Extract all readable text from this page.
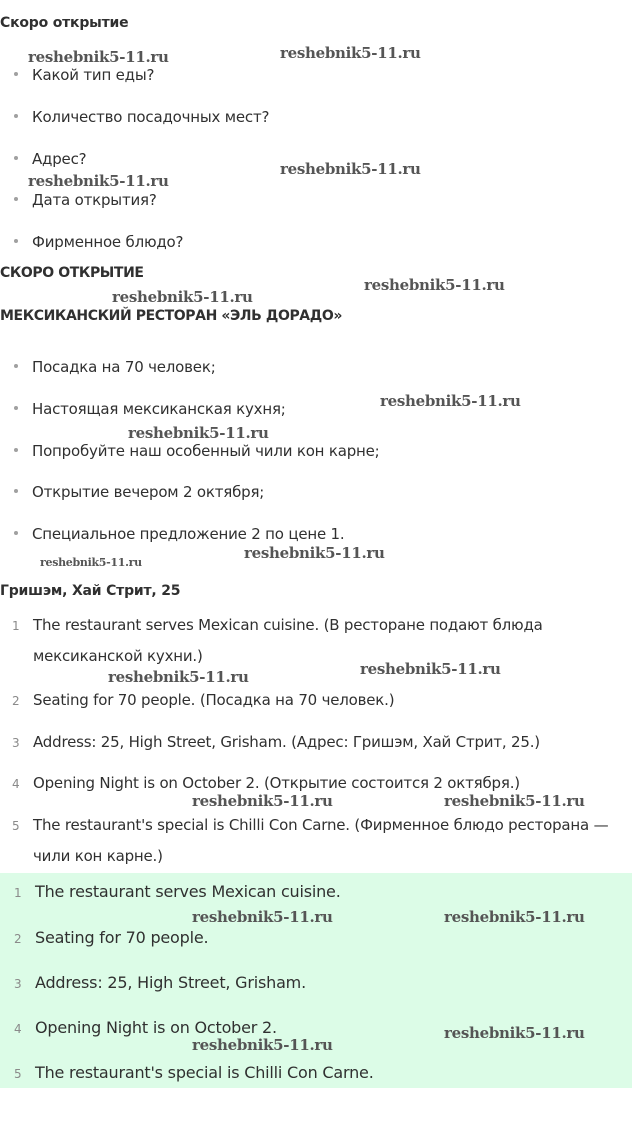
Скоро открытие
Какой тип еды?
Количество посадочных мест?
Адрес?
Дата открытия?
Фирменное блюдо?
СКОРО ОТКРЫТИЕ
МЕКСИКАНСКИЙ РЕСТОРАН «ЭЛЬ ДОРАДО»
Посадка на 70 человек;
Настоящая мексиканская кухня;
Попробуйте наш особенный чили кон карне;
Открытие вечером 2 октября;
Специальное предложение 2 по цене 1.
Гришэм, Хай Стрит, 25
1 The restaurant serves Mexican cuisine. (В ресторане подают блюда
мексиканской кухни.)
2 Seating for 70 people. (Посадка на 70 человек.)
3 Address: 25, High Street, Grisham. (Адрес: Гришэм, Хай Стрит, 25.)
4 Opening Night is on October 2. (Открытие состоится 2 октября.)
5 The restaurant's special is Chilli Con Carne. (Фирменное блюдо ресторана —
чили кон карне.)
1 The restaurant serves Mexican cuisine.
2 Seating for 70 people.
3 Address: 25, High Street, Grisham.
4 Opening Night is on October 2.
5 The restaurant's special is Chilli Con Carne.
reshebnik5-11.ru	reshebnik5-11.ru
reshebnik5-11.ru
reshebnik5-11.ru
reshebnik5-11.ru
reshebnik5-11.ru
reshebnik5-11.ru
reshebnik5-11.ru
reshebnik5-11.ru
reshebnik5-11.ru
reshebnik5-11.ru	reshebnik5-11.ru
reshebnik5-11.ru	reshebnik5-11.ru
reshebnik5-11.ru	reshebnik5-11.ru
reshebnik5-11.ru
reshebnik5-11.ru
